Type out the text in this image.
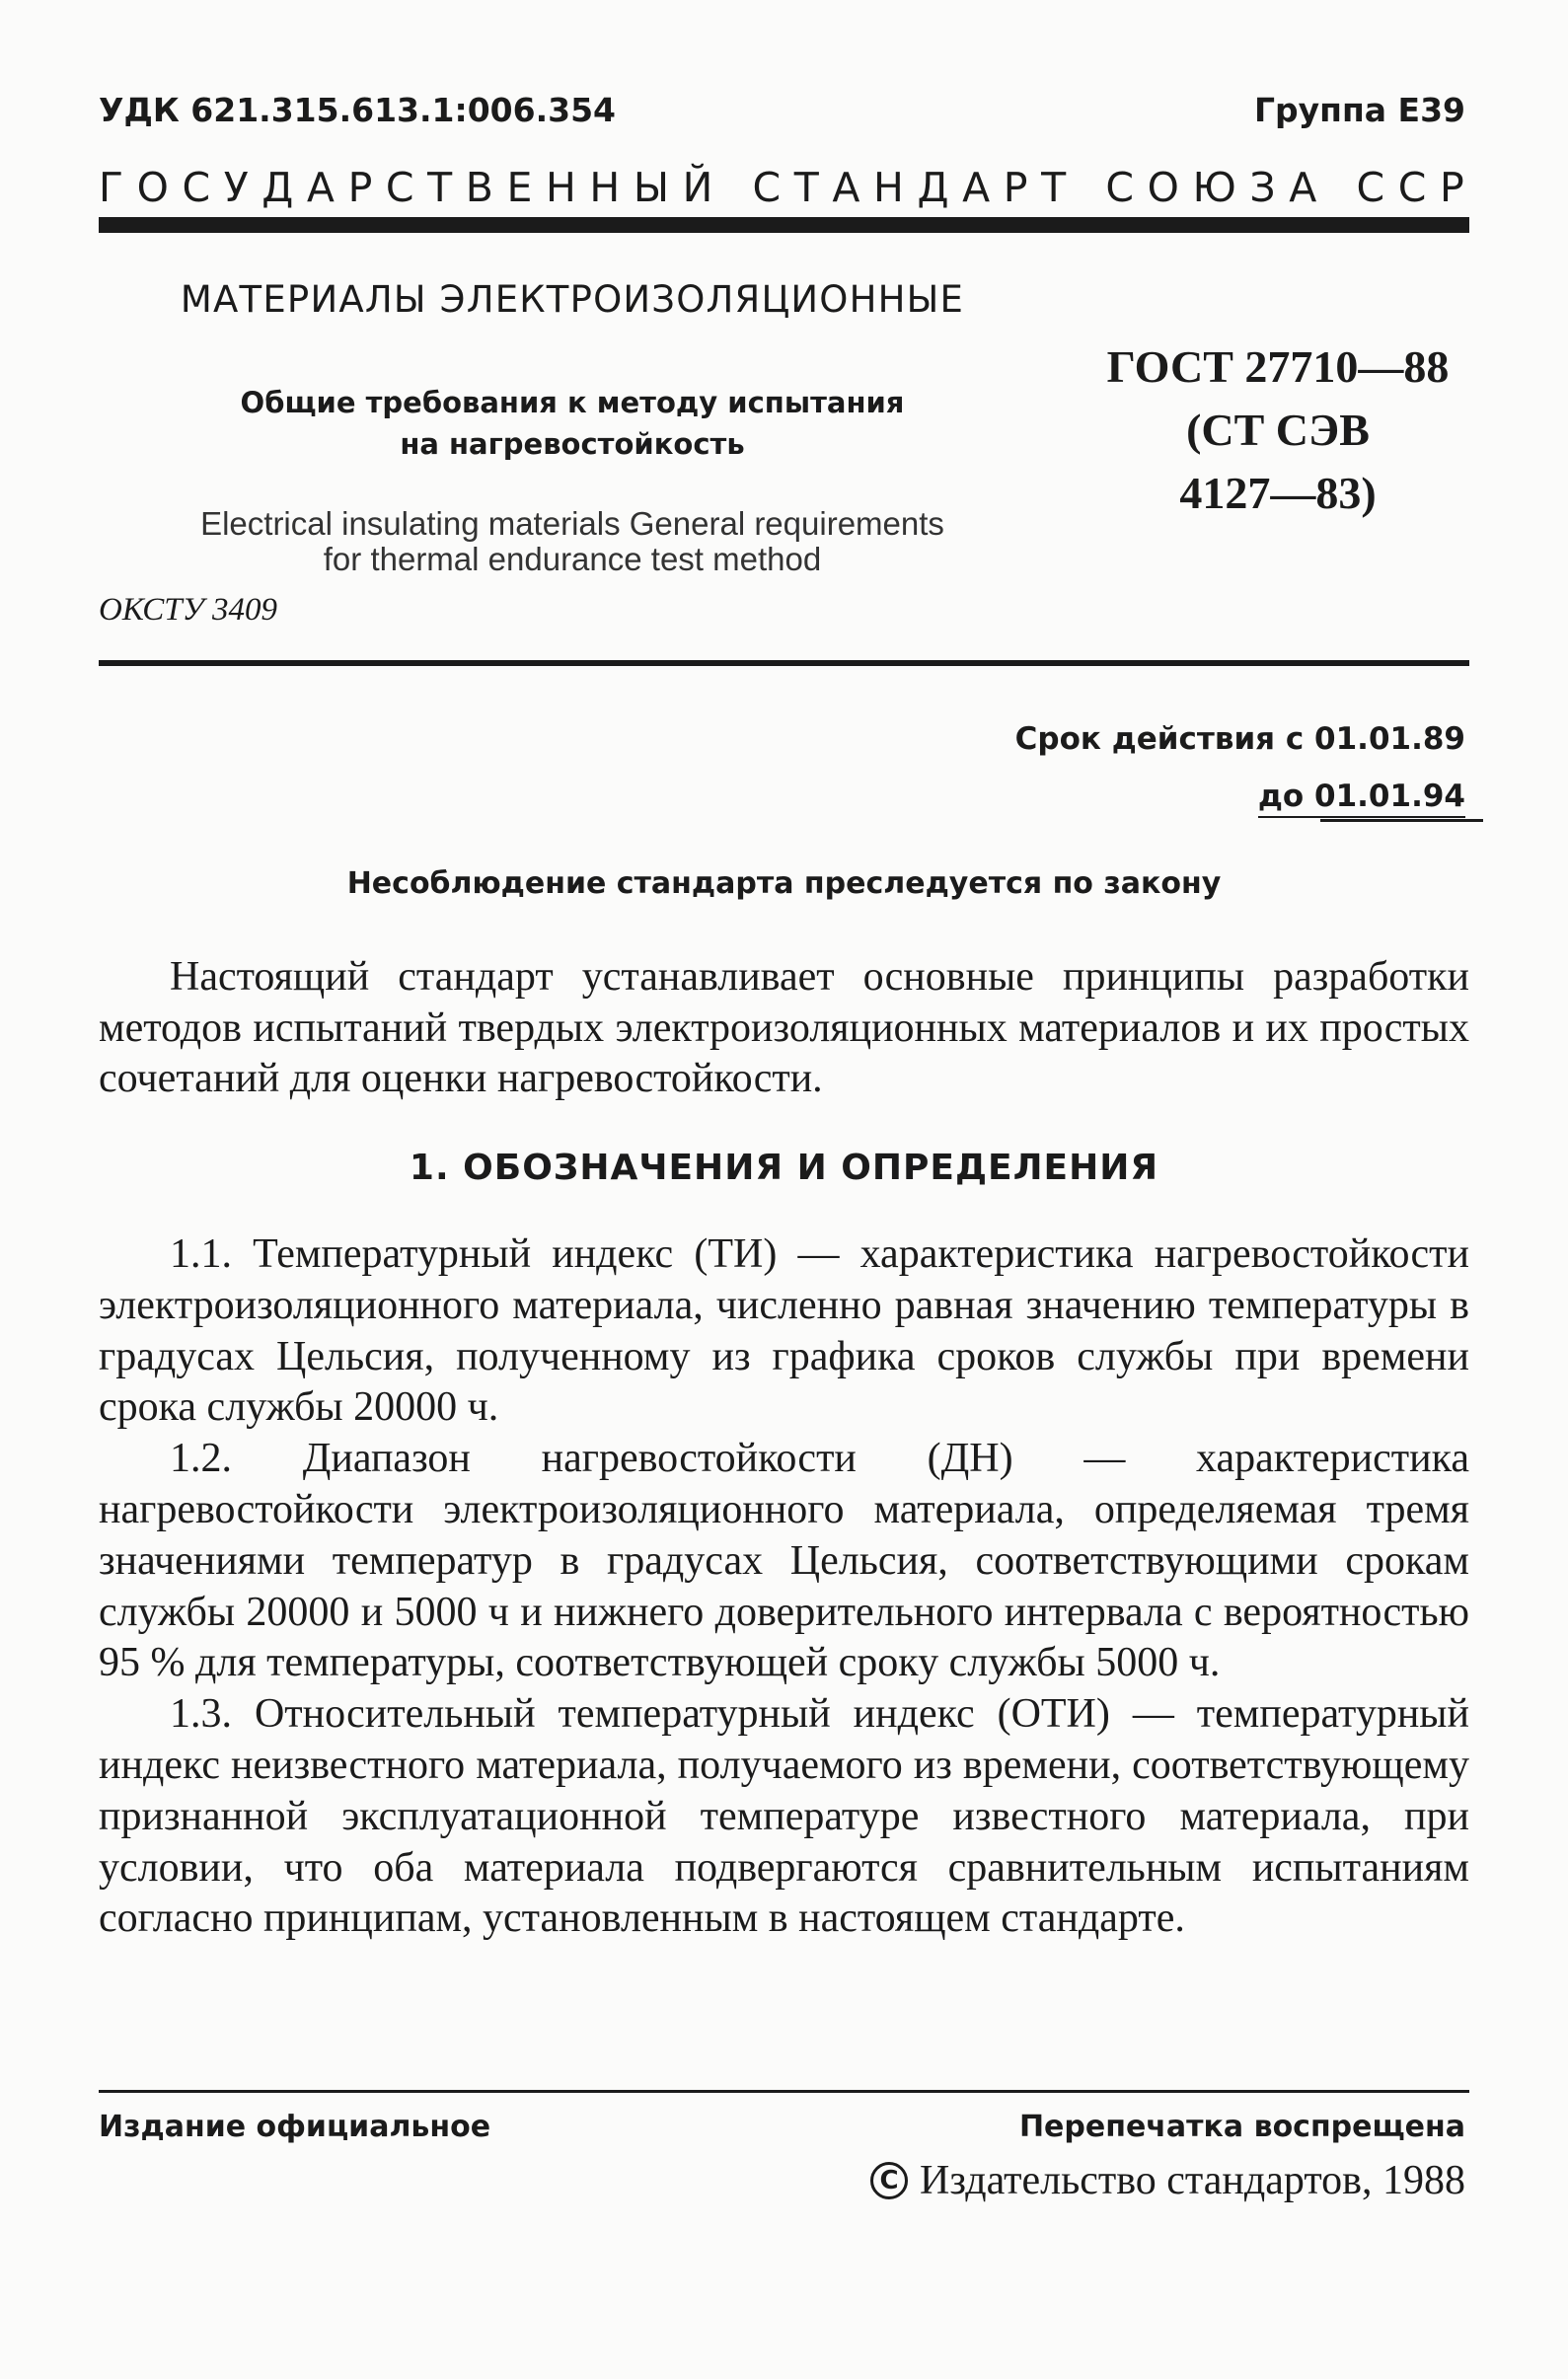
УДК 621.315.613.1:006.354	Группа Е39
ГОСУДАРСТВЕННЫЙ СТАНДАРТ СОЮЗА ССР
МАТЕРИАЛЫ ЭЛЕКТРОИЗОЛЯЦИОННЫЕ
Общие требования к методу испытания
на нагревостойкость
Electrical insulating materials General requirements
for thermal endurance test method
ГОСТ 27710—88
(СТ СЭВ
4127—83)
ОКСТУ 3409
Срок действия с 01.01.89
до 01.01.94
Несоблюдение стандарта преследуется по закону

Настоящий стандарт устанавливает основные принципы разработки методов испытаний твердых электроизоляционных материалов и их простых сочетаний для оценки нагревостойкости.

1. ОБОЗНАЧЕНИЯ И ОПРЕДЕЛЕНИЯ

1.1. Температурный индекс (ТИ) — характеристика нагревостойкости электроизоляционного материала, численно равная значению температуры в градусах Цельсия, полученному из графика сроков службы при времени срока службы 20000 ч.

1.2. Диапазон нагревостойкости (ДН) — характеристика нагревостойкости электроизоляционного материала, определяемая тремя значениями температур в градусах Цельсия, соответствующими срокам службы 20000 и 5000 ч и нижнего доверительного интервала с вероятностью 95 % для температуры, соответствующей сроку службы 5000 ч.

1.3. Относительный температурный индекс (ОТИ) — температурный индекс неизвестного материала, получаемого из времени, соответствующему признанной эксплуатационной температуре известного материала, при условии, что оба материала подвергаются сравнительным испытаниям согласно принципам, установленным в настоящем стандарте.

Издание официальное	Перепечатка воспрещена
С Издательство стандартов, 1988
